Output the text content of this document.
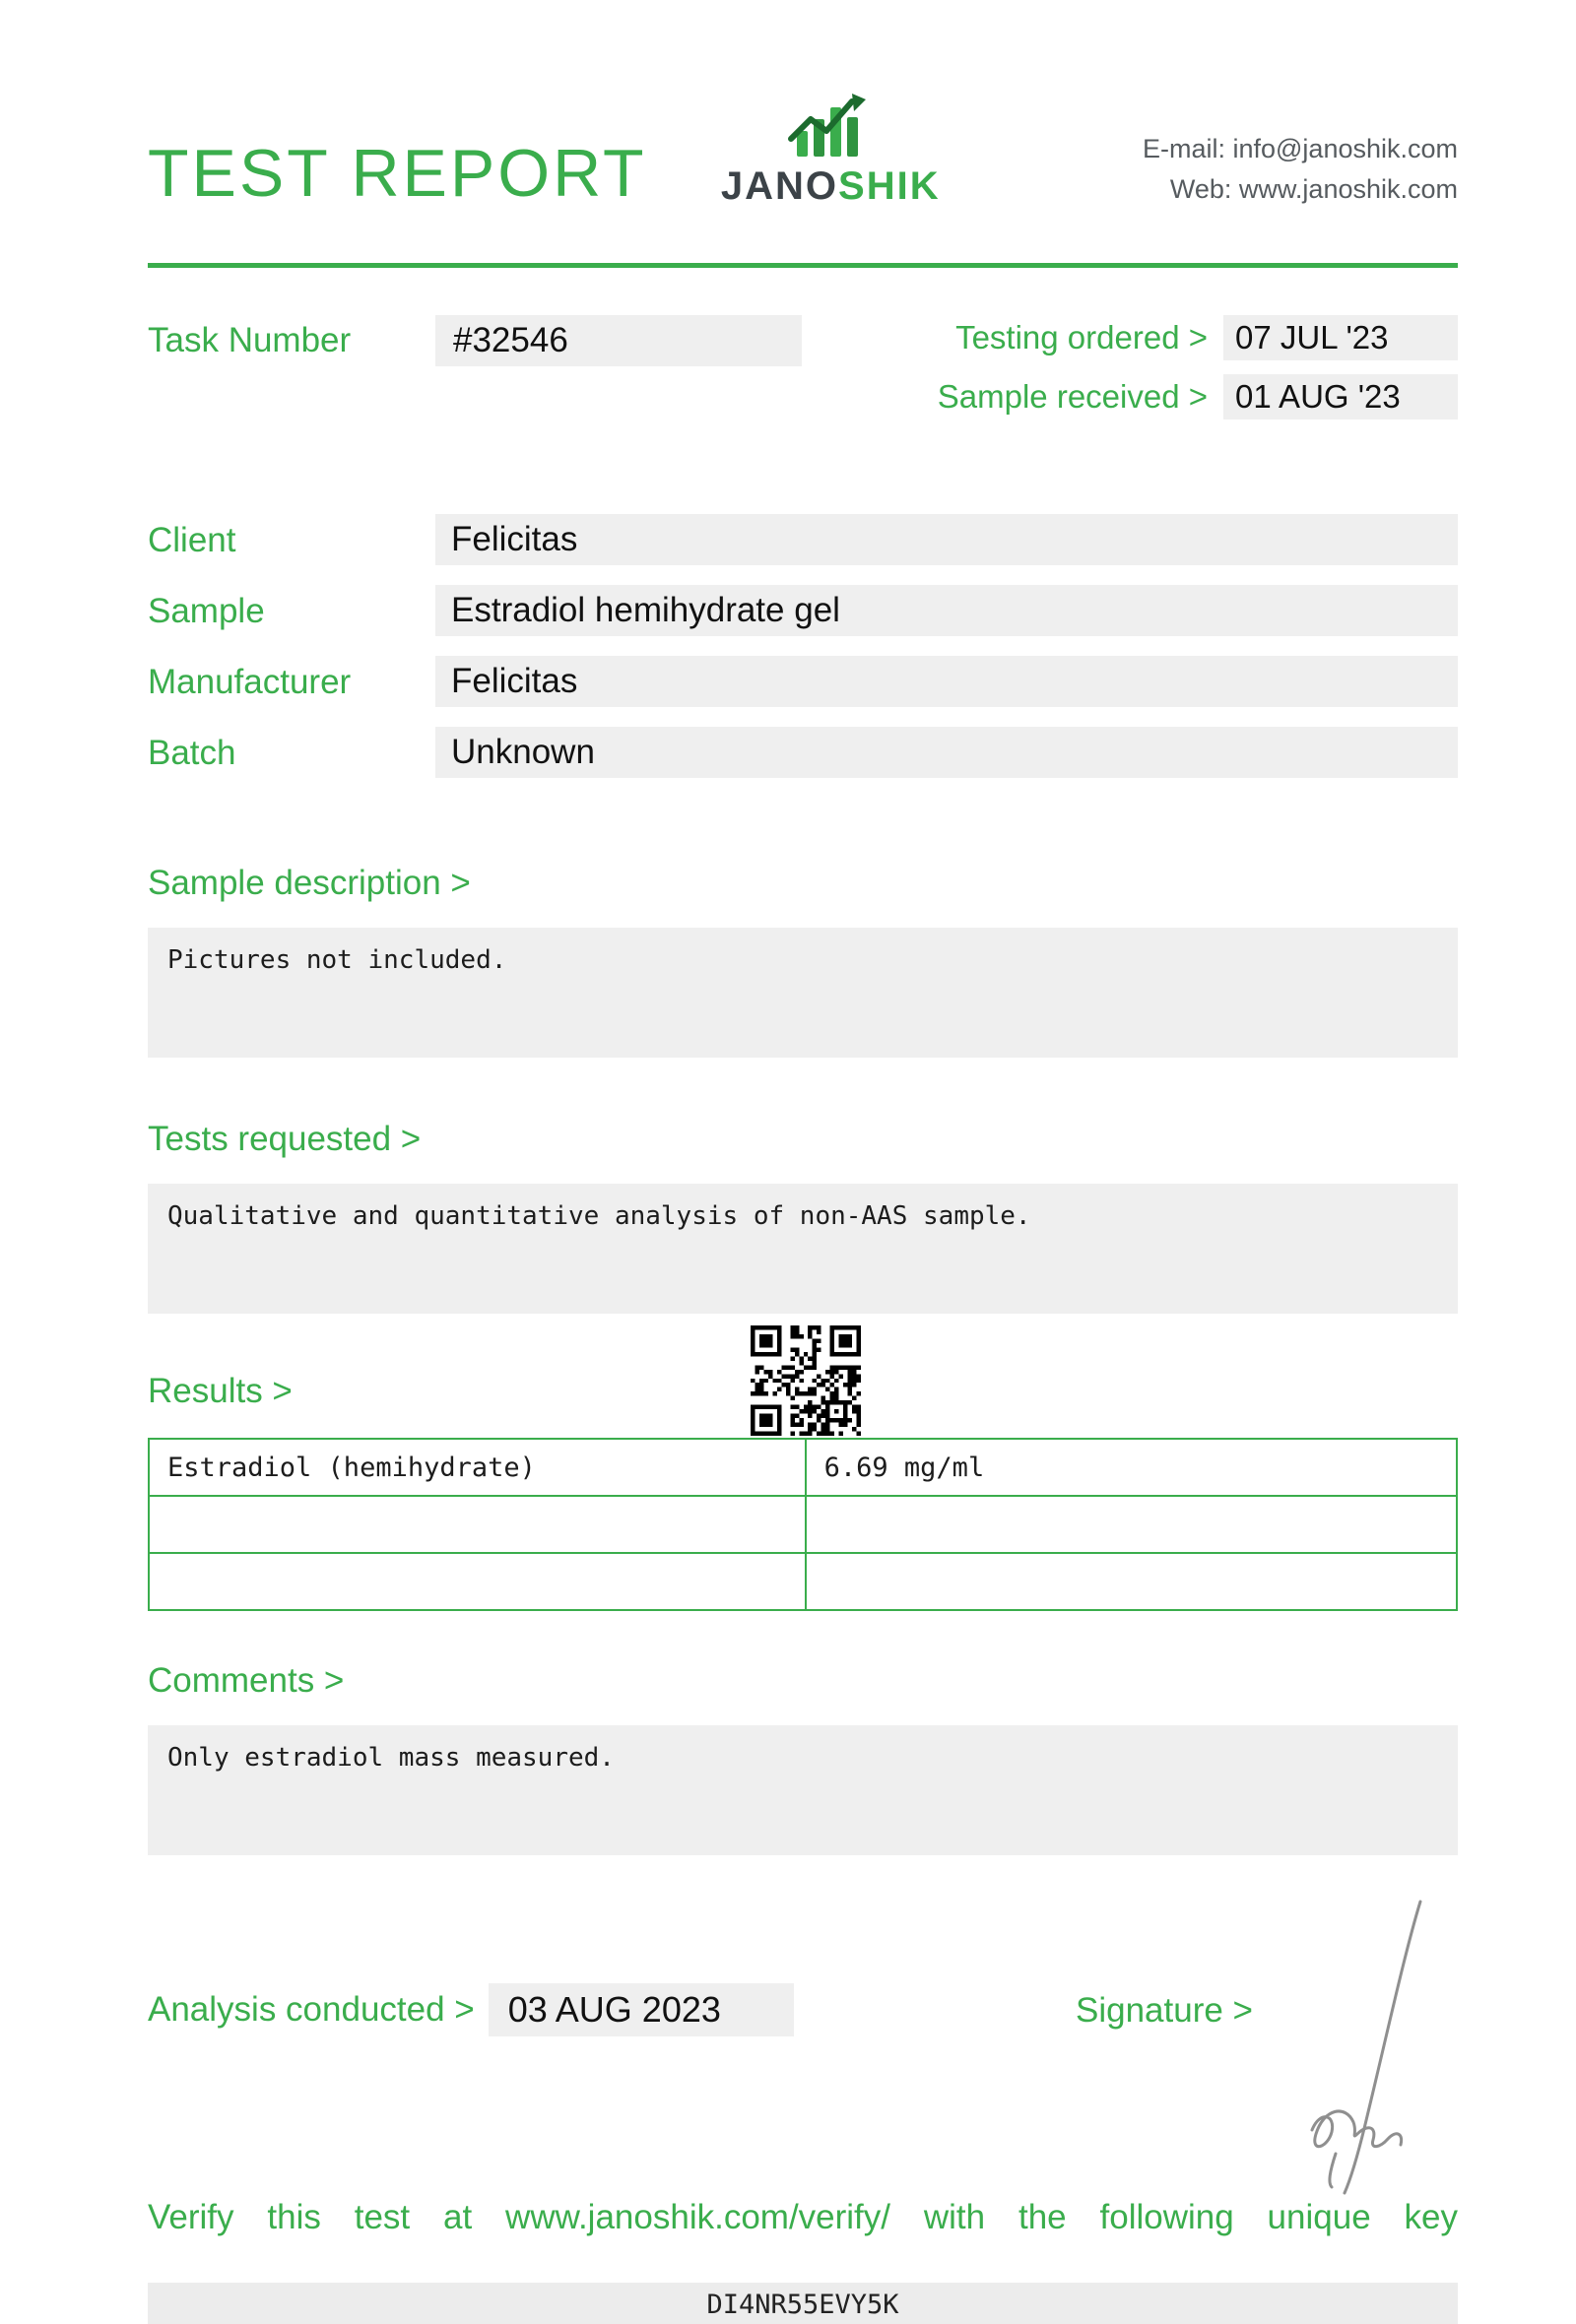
TEST REPORT JANOSHIK
E-mail: info@janoshik.com
Web: www.janoshik.com
Task Number	#32546	Testing ordered > 07 JUL '23
Sample received > 01 AUG '23
Client	Felicitas
Sample	Estradiol hemihydrate gel
Manufacturer	Felicitas
Batch	Unknown
Sample description >
Pictures not included.
Tests requested >
Qualitative and quantitative analysis of non-AAS sample.
Results >
Estradiol (hemihydrate)	6.69 mg/ml

Comments >
Only estradiol mass measured.
Analysis conducted > 03 AUG 2023	Signature >
Verify this test at www.janoshik.com/verify/ with the following unique key
DI4NR55EVY5K
